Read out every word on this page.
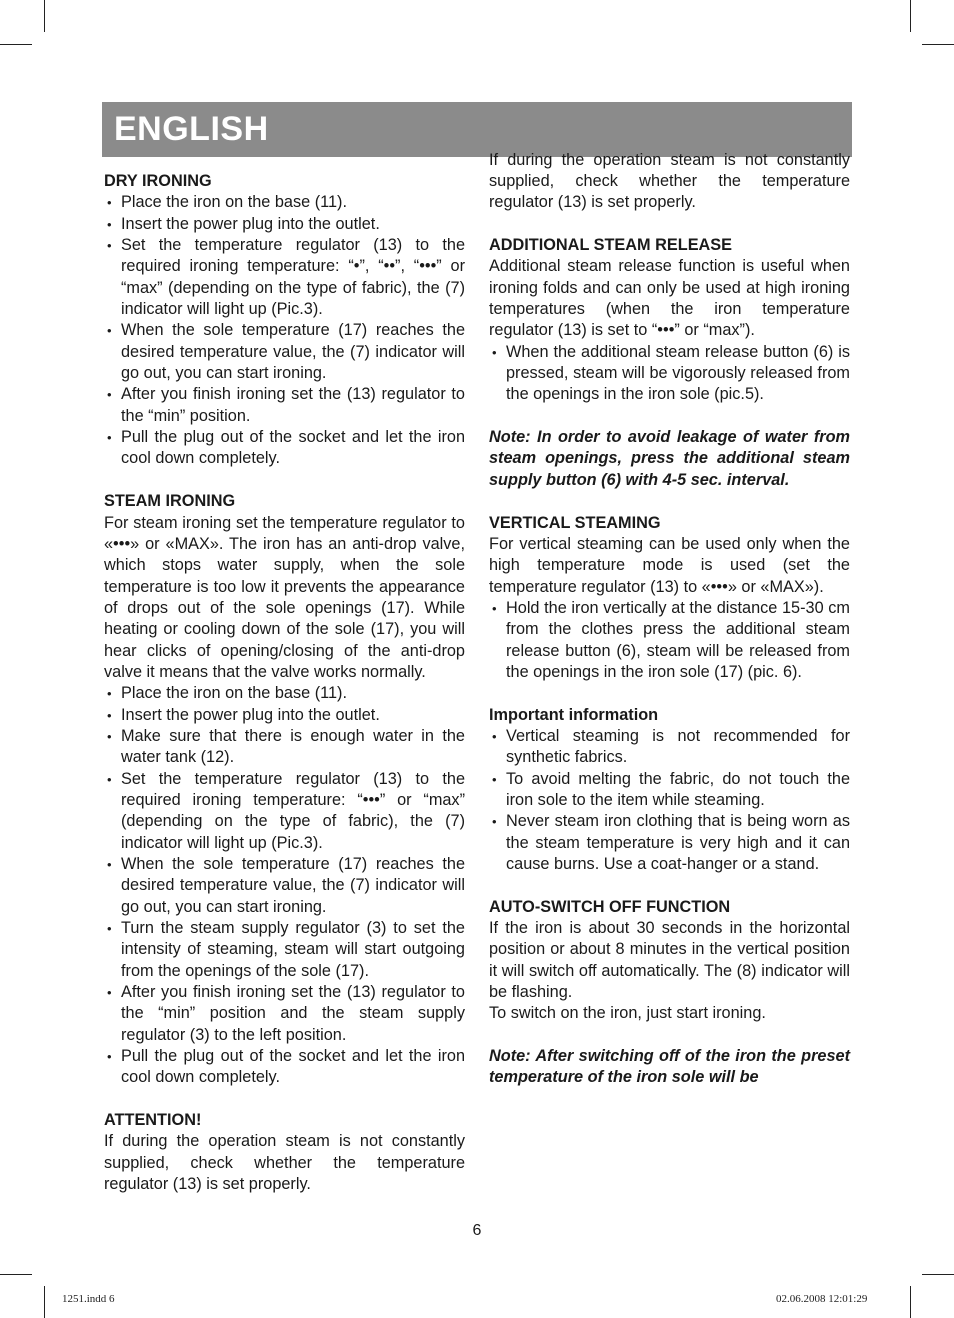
ENGLISH

DRY IRONING

• Place the iron on the base (11).
• Insert the power plug into the outlet.
• Set the temperature regulator (13) to the required ironing temperature: “•”, “••”, “•••” or “max” (depending on the type of fabric), the (7) indicator will light up (Pic.3).
• When the sole temperature (17) reaches the desired temperature value, the (7) indicator will go out, you can start ironing.
• After you finish ironing set the (13) regulator to the “min” position.
• Pull the plug out of the socket and let the iron cool down completely.

STEAM IRONING

For steam ironing set the temperature regulator to «•••» or «MAX». The iron has an anti-drop valve, which stops water supply, when the sole temperature is too low it prevents the appearance of drops out of the sole openings (17). While heating or cooling down of the sole (17), you will hear clicks of opening/closing of the anti-drop valve it means that the valve works normally.

• Place the iron on the base (11).
• Insert the power plug into the outlet.
• Make sure that there is enough water in the water tank (12).
• Set the temperature regulator (13) to the required ironing temperature: “•••” or “max” (depending on the type of fabric), the (7) indicator will light up (Pic.3).
• When the sole temperature (17) reaches the desired temperature value, the (7) indicator will go out, you can start ironing.
• Turn the steam supply regulator (3) to set the intensity of steaming, steam will start outgoing from the openings of the sole (17).
• After you finish ironing set the (13) regulator to the “min” position and the steam supply regulator (3) to the left position.
• Pull the plug out of the socket and let the iron cool down completely.

ATTENTION!

If during the operation steam is not constantly supplied, check whether the temperature regulator (13) is set properly.

If during the operation steam is not constantly supplied, check whether the temperature regulator (13) is set properly.

ADDITIONAL STEAM RELEASE

Additional steam release function is useful when ironing folds and can only be used at high ironing temperatures (when the iron temperature regulator (13) is set to “•••” or “max”).

• When the additional steam release button (6) is pressed, steam will be vigorously released from the openings in the iron sole (pic.5).

Note: In order to avoid leakage of water from steam openings, press the additional steam supply button (6) with 4-5 sec. interval.

VERTICAL STEAMING

For vertical steaming can be used only when the high temperature mode is used (set the temperature regulator (13) to «•••» or «MAX»).

• Hold the iron vertically at the distance 15-30 cm from the clothes press the additional steam release button (6), steam will be released from the openings in the iron sole (17) (pic. 6).

Important information

• Vertical steaming is not recommended for synthetic fabrics.
• To avoid melting the fabric, do not touch the iron sole to the item while steaming.
• Never steam iron clothing that is being worn as the steam temperature is very high and it can cause burns. Use a coat-hanger or a stand.

AUTO-SWITCH OFF FUNCTION

If the iron is about 30 seconds in the horizontal position or about 8 minutes in the vertical position it will switch off automatically. The (8) indicator will be flashing.

To switch on the iron, just start ironing.

Note: After switching off of the iron the preset temperature of the iron sole will be

6
1251.indd 6	02.06.2008 12:01:29
